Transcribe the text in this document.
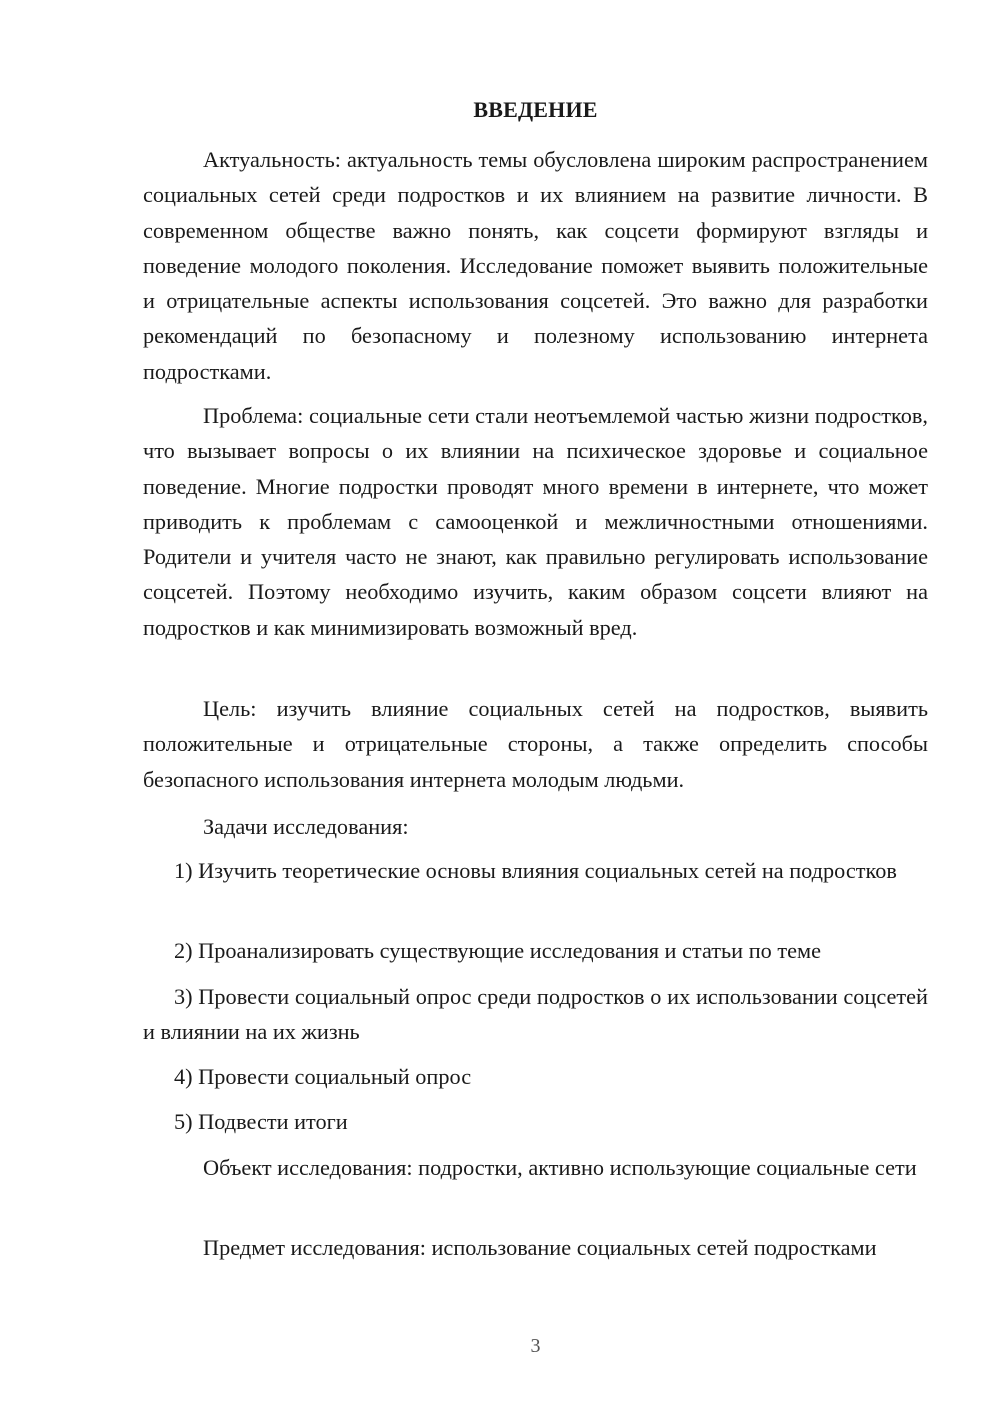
ВВЕДЕНИЕ

Актуальность: актуальность темы обусловлена широким распространением социальных сетей среди подростков и их влиянием на развитие личности. В современном обществе важно понять, как соцсети формируют взгляды и поведение молодого поколения. Исследование поможет выявить положительные и отрицательные аспекты использования соцсетей. Это важно для разработки рекомендаций по безопасному и полезному использованию интернета подростками.

Проблема: социальные сети стали неотъемлемой частью жизни подростков, что вызывает вопросы о их влиянии на психическое здоровье и социальное поведение. Многие подростки проводят много времени в интернете, что может приводить к проблемам с самооценкой и межличностными отношениями. Родители и учителя часто не знают, как правильно регулировать использование соцсетей. Поэтому необходимо изучить, каким образом соцсети влияют на подростков и как минимизировать возможный вред.

Цель: изучить влияние социальных сетей на подростков, выявить положительные и отрицательные стороны, а также определить способы безопасного использования интернета молодым людьми.

Задачи исследования:

1) Изучить теоретические основы влияния социальных сетей на подростков

2) Проанализировать существующие исследования и статьи по теме

3) Провести социальный опрос среди подростков о их использовании соцсетей и влиянии на их жизнь

4) Провести социальный опрос

5) Подвести итоги

Объект исследования: подростки, активно использующие социальные сети

Предмет исследования: использование социальных сетей подростками

3
